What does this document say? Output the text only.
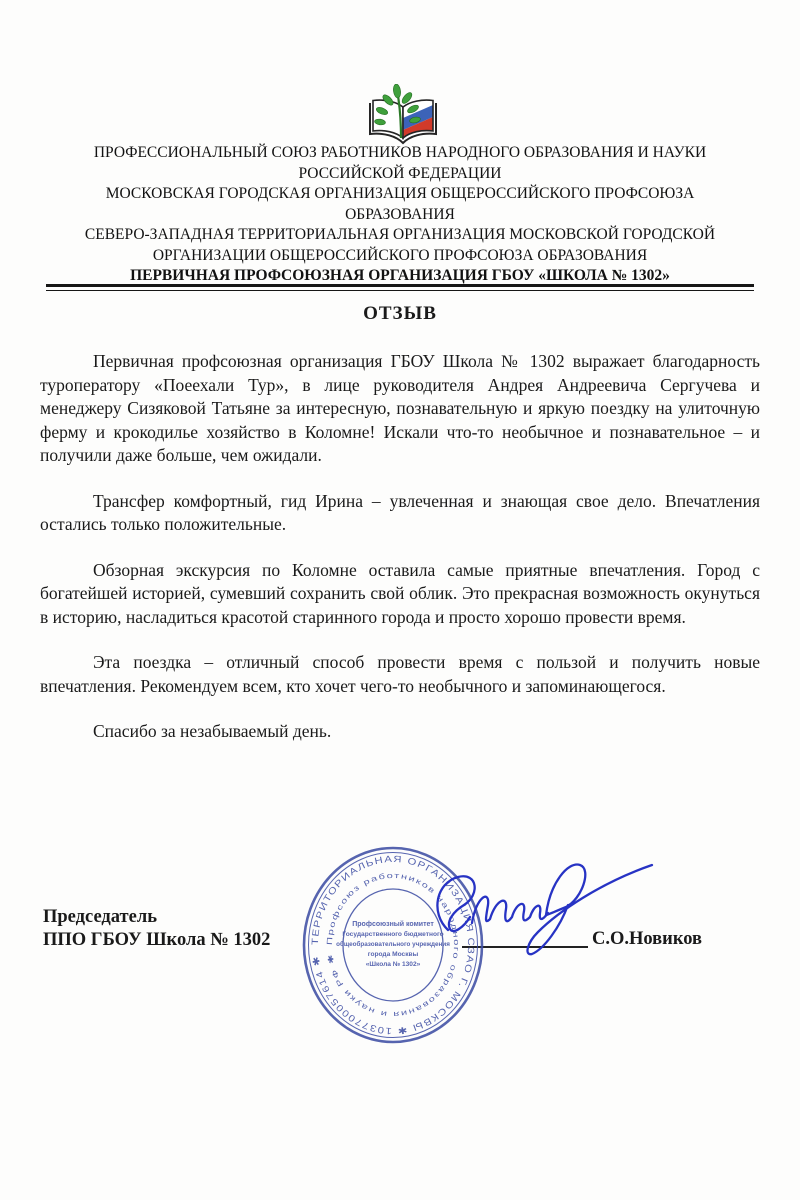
ПРОФЕССИОНАЛЬНЫЙ СОЮЗ РАБОТНИКОВ НАРОДНОГО ОБРАЗОВАНИЯ И НАУКИ
РОССИЙСКОЙ ФЕДЕРАЦИИ
МОСКОВСКАЯ ГОРОДСКАЯ ОРГАНИЗАЦИЯ ОБЩЕРОССИЙСКОГО ПРОФСОЮЗА
ОБРАЗОВАНИЯ
СЕВЕРО-ЗАПАДНАЯ ТЕРРИТОРИАЛЬНАЯ ОРГАНИЗАЦИЯ МОСКОВСКОЙ ГОРОДСКОЙ
ОРГАНИЗАЦИИ ОБЩЕРОССИЙСКОГО ПРОФСОЮЗА ОБРАЗОВАНИЯ
ПЕРВИЧНАЯ ПРОФСОЮЗНАЯ ОРГАНИЗАЦИЯ ГБОУ «ШКОЛА № 1302»
ОТЗЫВ

Первичная профсоюзная организация ГБОУ Школа № 1302 выражает благодарность туроператору «Поеехали Тур», в лице руководителя Андрея Андреевича Сергучева и менеджеру Сизяковой Татьяне за интересную, познавательную и яркую поездку на улиточную ферму и крокодилье хозяйство в Коломне! Искали что-то необычное и познавательное – и получили даже больше, чем ожидали.

Трансфер комфортный, гид Ирина – увлеченная и знающая свое дело. Впечатления остались только положительные.

Обзорная экскурсия по Коломне оставила самые приятные впечатления. Город с богатейшей историей, сумевший сохранить свой облик. Это прекрасная возможность окунуться в историю, насладиться красотой старинного города и просто хорошо провести время.

Эта поездка – отличный способ провести время с пользой и получить новые впечатления. Рекомендуем всем, кто хочет чего-то необычного и запоминающегося.

Спасибо за незабываемый день.

Председатель
ППО ГБОУ Школа № 1302	С.О.Новиков
ТЕРРИТОРИАЛЬНАЯ ОРГАНИЗАЦИЯ СЗАО Г. МОСКВЫ ✱ 1037700057614 ✱
Профсоюз работников народного образования и науки РФ ✱
Профсоюзный комитет
Государственного бюджетного
общеобразовательного учреждения
города Москвы
«Школа № 1302»
